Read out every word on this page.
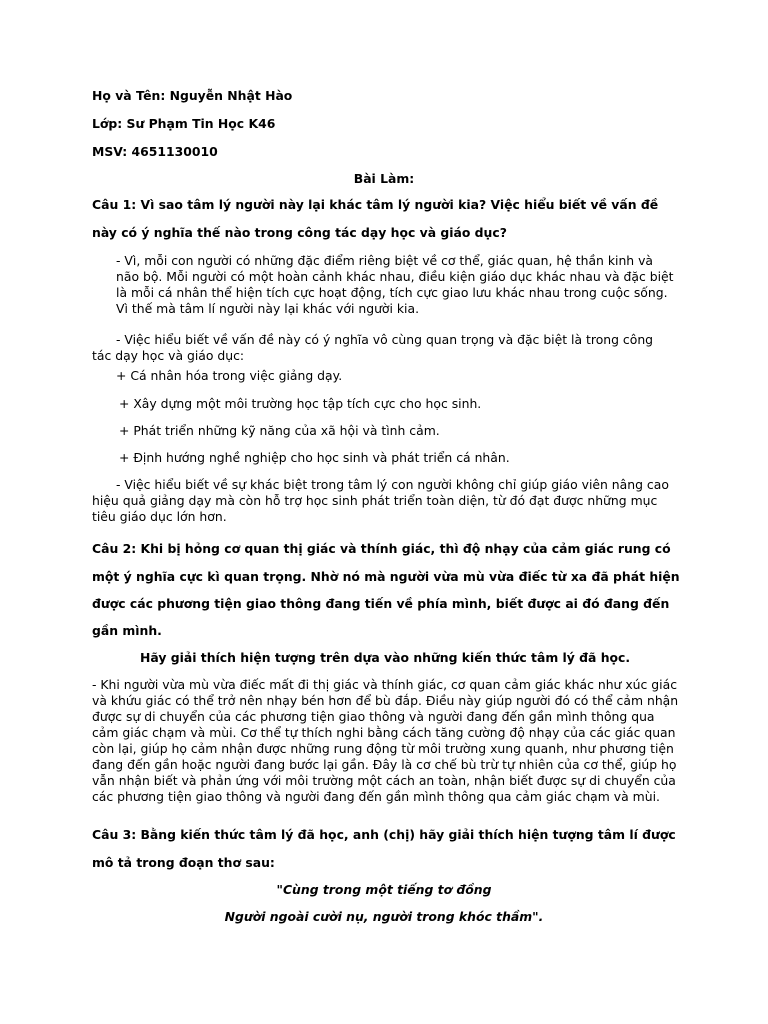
Họ và Tên: Nguyễn Nhật Hào
Lớp: Sư Phạm Tin Học K46
MSV: 4651130010
Bài Làm:
Câu 1: Vì sao tâm lý người này lại khác tâm lý người kia? Việc hiểu biết về vấn đề
này có ý nghĩa thế nào trong công tác dạy học và giáo dục?

- Vì, mỗi con người có những đặc điểm riêng biệt về cơ thể, giác quan, hệ thần kinh và não bộ. Mỗi người có một hoàn cảnh khác nhau, điều kiện giáo dục khác nhau và đặc biệt là mỗi cá nhân thể hiện tích cực hoạt động, tích cực giao lưu khác nhau trong cuộc sống. Vì thế mà tâm lí người này lại khác với người kia.

- Việc hiểu biết về vấn đề này có ý nghĩa vô cùng quan trọng và đặc biệt là trong công tác dạy học và giáo dục:

+ Cá nhân hóa trong việc giảng dạy.
+ Xây dựng một môi trường học tập tích cực cho học sinh.
+ Phát triển những kỹ năng của xã hội và tình cảm.
+ Định hướng nghề nghiệp cho học sinh và phát triển cá nhân.

- Việc hiểu biết về sự khác biệt trong tâm lý con người không chỉ giúp giáo viên nâng cao hiệu quả giảng dạy mà còn hỗ trợ học sinh phát triển toàn diện, từ đó đạt được những mục tiêu giáo dục lớn hơn.

Câu 2: Khi bị hỏng cơ quan thị giác và thính giác, thì độ nhạy của cảm giác rung có
một ý nghĩa cực kì quan trọng. Nhờ nó mà người vừa mù vừa điếc từ xa đã phát hiện
được các phương tiện giao thông đang tiến về phía mình, biết được ai đó đang đến
gần mình.
Hãy giải thích hiện tượng trên dựa vào những kiến thức tâm lý đã học.

- Khi người vừa mù vừa điếc mất đi thị giác và thính giác, cơ quan cảm giác khác như xúc giác và khứu giác có thể trở nên nhạy bén hơn để bù đắp. Điều này giúp người đó có thể cảm nhận được sự di chuyển của các phương tiện giao thông và người đang đến gần mình thông qua cảm giác chạm và mùi. Cơ thể tự thích nghi bằng cách tăng cường độ nhạy của các giác quan còn lại, giúp họ cảm nhận được những rung động từ môi trường xung quanh, như phương tiện đang đến gần hoặc người đang bước lại gần. Đây là cơ chế bù trừ tự nhiên của cơ thể, giúp họ vẫn nhận biết và phản ứng với môi trường một cách an toàn, nhận biết được sự di chuyển của các phương tiện giao thông và người đang đến gần mình thông qua cảm giác chạm và mùi.

Câu 3: Bằng kiến thức tâm lý đã học, anh (chị) hãy giải thích hiện tượng tâm lí được
mô tả trong đoạn thơ sau:
"Cùng trong một tiếng tơ đồng
Người ngoài cười nụ, người trong khóc thầm".
